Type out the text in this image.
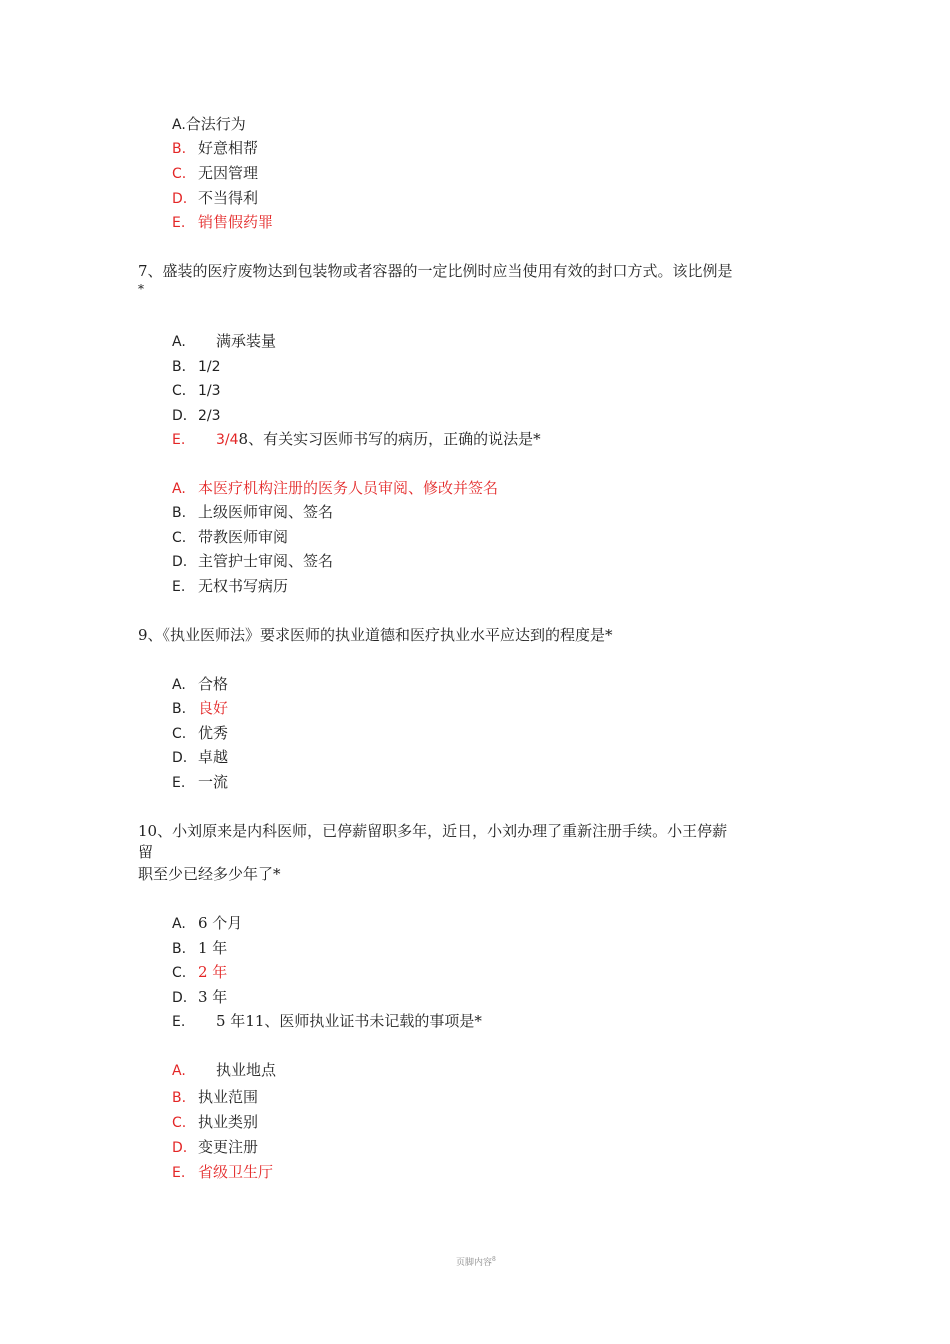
A.合法行为
B. 好意相帮
C. 无因管理
D. 不当得利
E. 销售假药罪
7、盛装的医疗废物达到包装物或者容器的一定比例时应当使用有效的封口方式。该比例是
*
A. 满承装量
B． 1/2
C． 1/3
D．2/3
E. 3/48、有关实习医师书写的病历，正确的说法是*
A. 本医疗机构注册的医务人员审阅、修改并签名
B. 上级医师审阅、签名
C. 带教医师审阅
D. 主管护士审阅、签名
E. 无权书写病历
9、《执业医师法》要求医师的执业道德和医疗执业水平应达到的程度是*
A. 合格
B. 良好
C. 优秀
D. 卓越
E. 一流
10、小刘原来是内科医师，已停薪留职多年，近日，小刘办理了重新注册手续。小王停薪
留
职至少已经多少年了*
A. 6 个月
B. 1 年
C. 2 年
D. 3 年
E. 5 年11、医师执业证书未记载的事项是*
A. 执业地点
B. 执业范围
C. 执业类别
D. 变更注册
E. 省级卫生厅
页脚内容$^8$
